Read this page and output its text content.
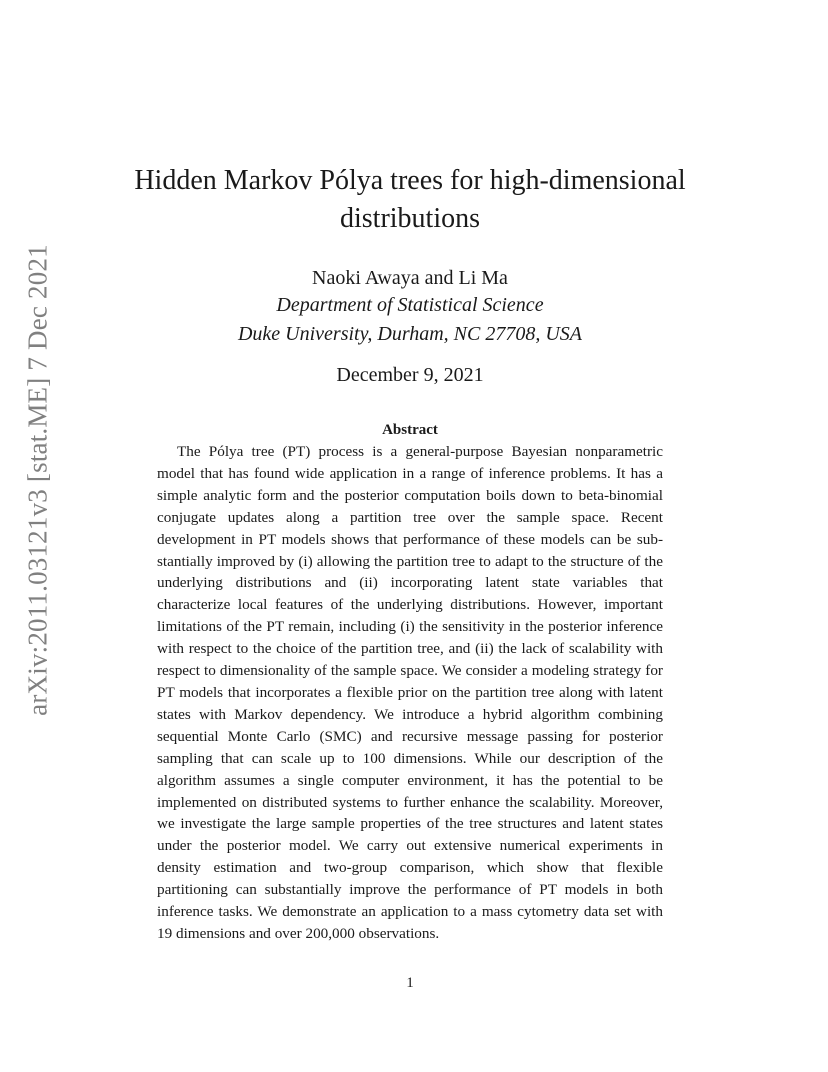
arXiv:2011.03121v3 [stat.ME] 7 Dec 2021
Hidden Markov Pólya trees for high-dimensional
distributions
Naoki Awaya and Li Ma
Department of Statistical Science
Duke University, Durham, NC 27708, USA
December 9, 2021
Abstract
The Pólya tree (PT) process is a general-purpose Bayesian nonparametric model that has found wide application in a range of inference problems. It has a simple analytic form and the posterior computation boils down to beta-binomial conjugate updates along a partition tree over the sample space. Recent development in PT models shows that performance of these models can be substantially improved by (i) allowing the partition tree to adapt to the structure of the underlying distributions and (ii) incorporating latent state variables that characterize local features of the underlying distributions. However, important limitations of the PT remain, including (i) the sensitivity in the posterior inference with respect to the choice of the partition tree, and (ii) the lack of scalability with respect to dimensionality of the sample space. We consider a modeling strategy for PT models that incorporates a flexible prior on the partition tree along with latent states with Markov dependency. We introduce a hybrid algorithm combining sequential Monte Carlo (SMC) and recursive message passing for posterior sampling that can scale up to 100 dimensions. While our description of the algorithm assumes a single computer environment, it has the potential to be implemented on distributed systems to further enhance the scalability. Moreover, we investigate the large sample properties of the tree structures and latent states under the posterior model. We carry out extensive numerical experiments in density estimation and two-group comparison, which show that flexible partitioning can substantially improve the performance of PT models in both inference tasks. We demonstrate an application to a mass cytometry data set with 19 dimensions and over 200,000 observations.
1
